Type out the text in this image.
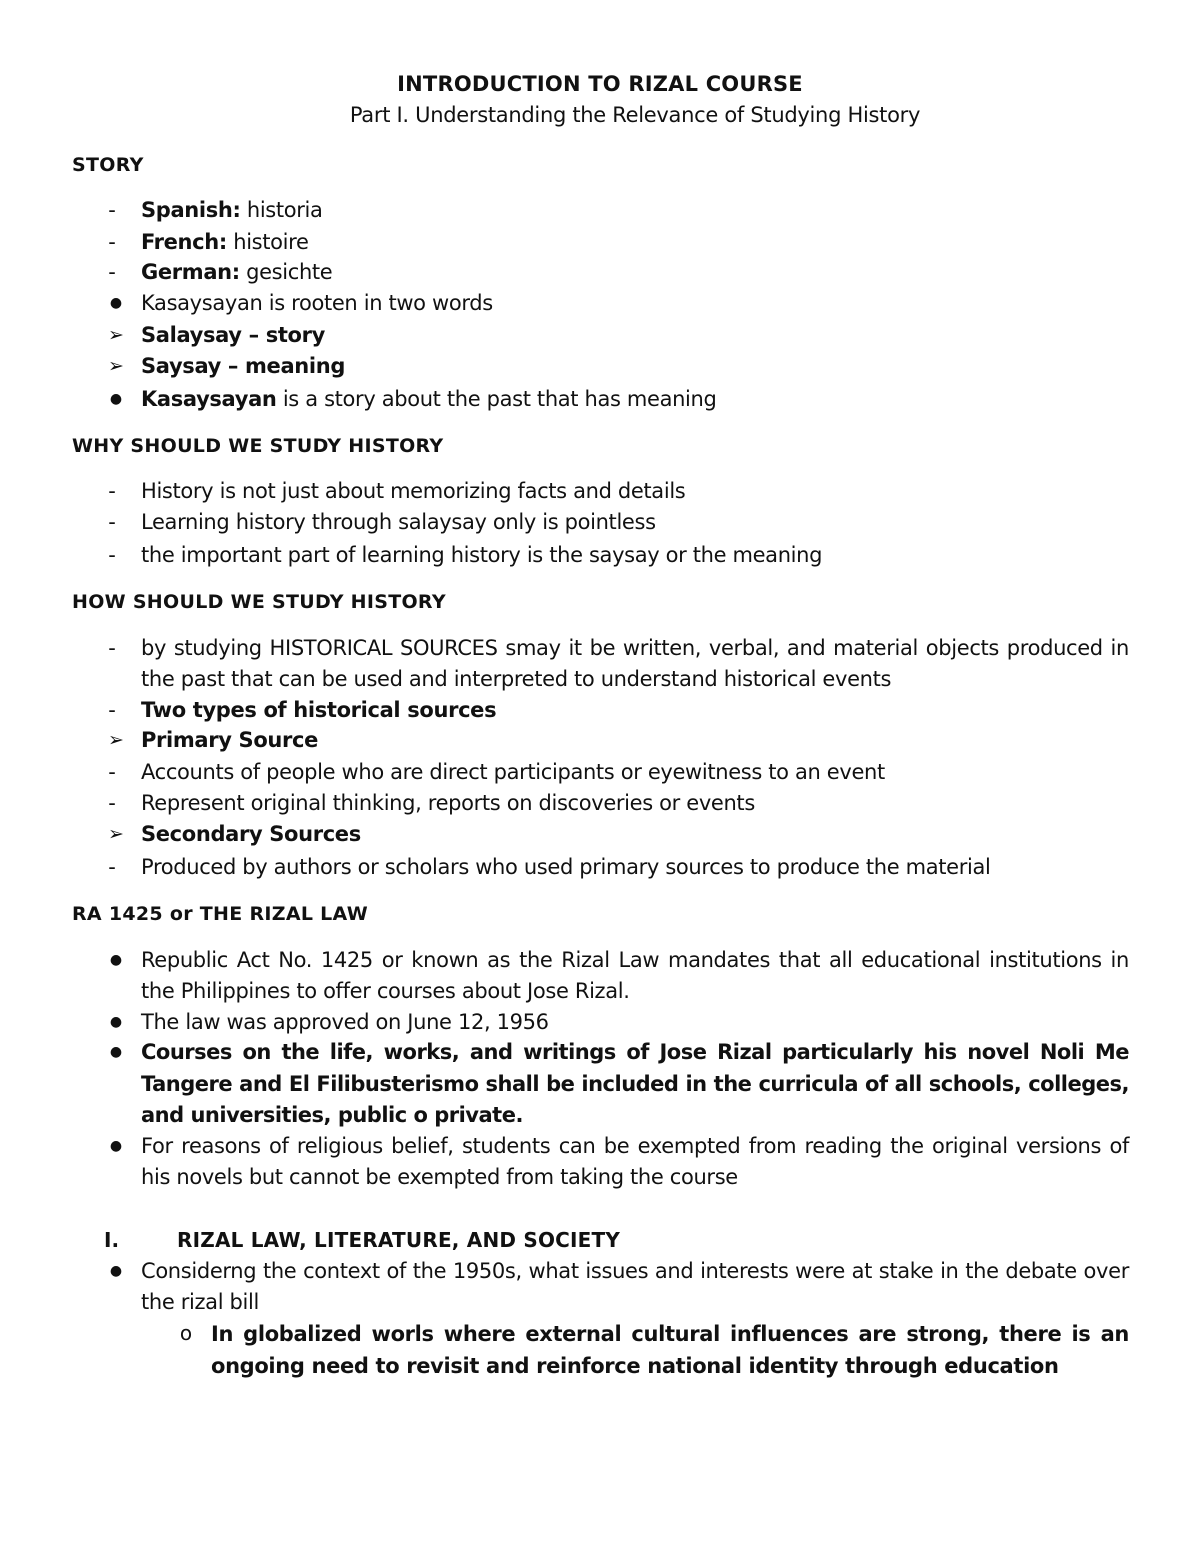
INTRODUCTION TO RIZAL COURSE
Part I. Understanding the Relevance of Studying History
STORY
- Spanish: historia
- French: histoire
- German: gesichte
● Kasaysayan is rooten in two words
➢ Salaysay – story
➢ Saysay – meaning
● Kasaysayan is a story about the past that has meaning
WHY SHOULD WE STUDY HISTORY
- History is not just about memorizing facts and details
- Learning history through salaysay only is pointless
- the important part of learning history is the saysay or the meaning
HOW SHOULD WE STUDY HISTORY
- by studying HISTORICAL SOURCES smay it be written, verbal, and material objects produced in the past that can be used and interpreted to understand historical events
- Two types of historical sources
➢ Primary Source
- Accounts of people who are direct participants or eyewitness to an event
- Represent original thinking, reports on discoveries or events
➢ Secondary Sources
- Produced by authors or scholars who used primary sources to produce the material
RA 1425 or THE RIZAL LAW
● Republic Act No. 1425 or known as the Rizal Law mandates that all educational institutions in the Philippines to offer courses about Jose Rizal.
● The law was approved on June 12, 1956
● Courses on the life, works, and writings of Jose Rizal particularly his novel Noli Me Tangere and El Filibusterismo shall be included in the curricula of all schools, colleges, and universities, public o private.
● For reasons of religious belief, students can be exempted from reading the original versions of his novels but cannot be exempted from taking the course
I.	RIZAL LAW, LITERATURE, AND SOCIETY
● Considerng the context of the 1950s, what issues and interests were at stake in the debate over the rizal bill
o In globalized worls where external cultural influences are strong, there is an ongoing need to revisit and reinforce national identity through education
